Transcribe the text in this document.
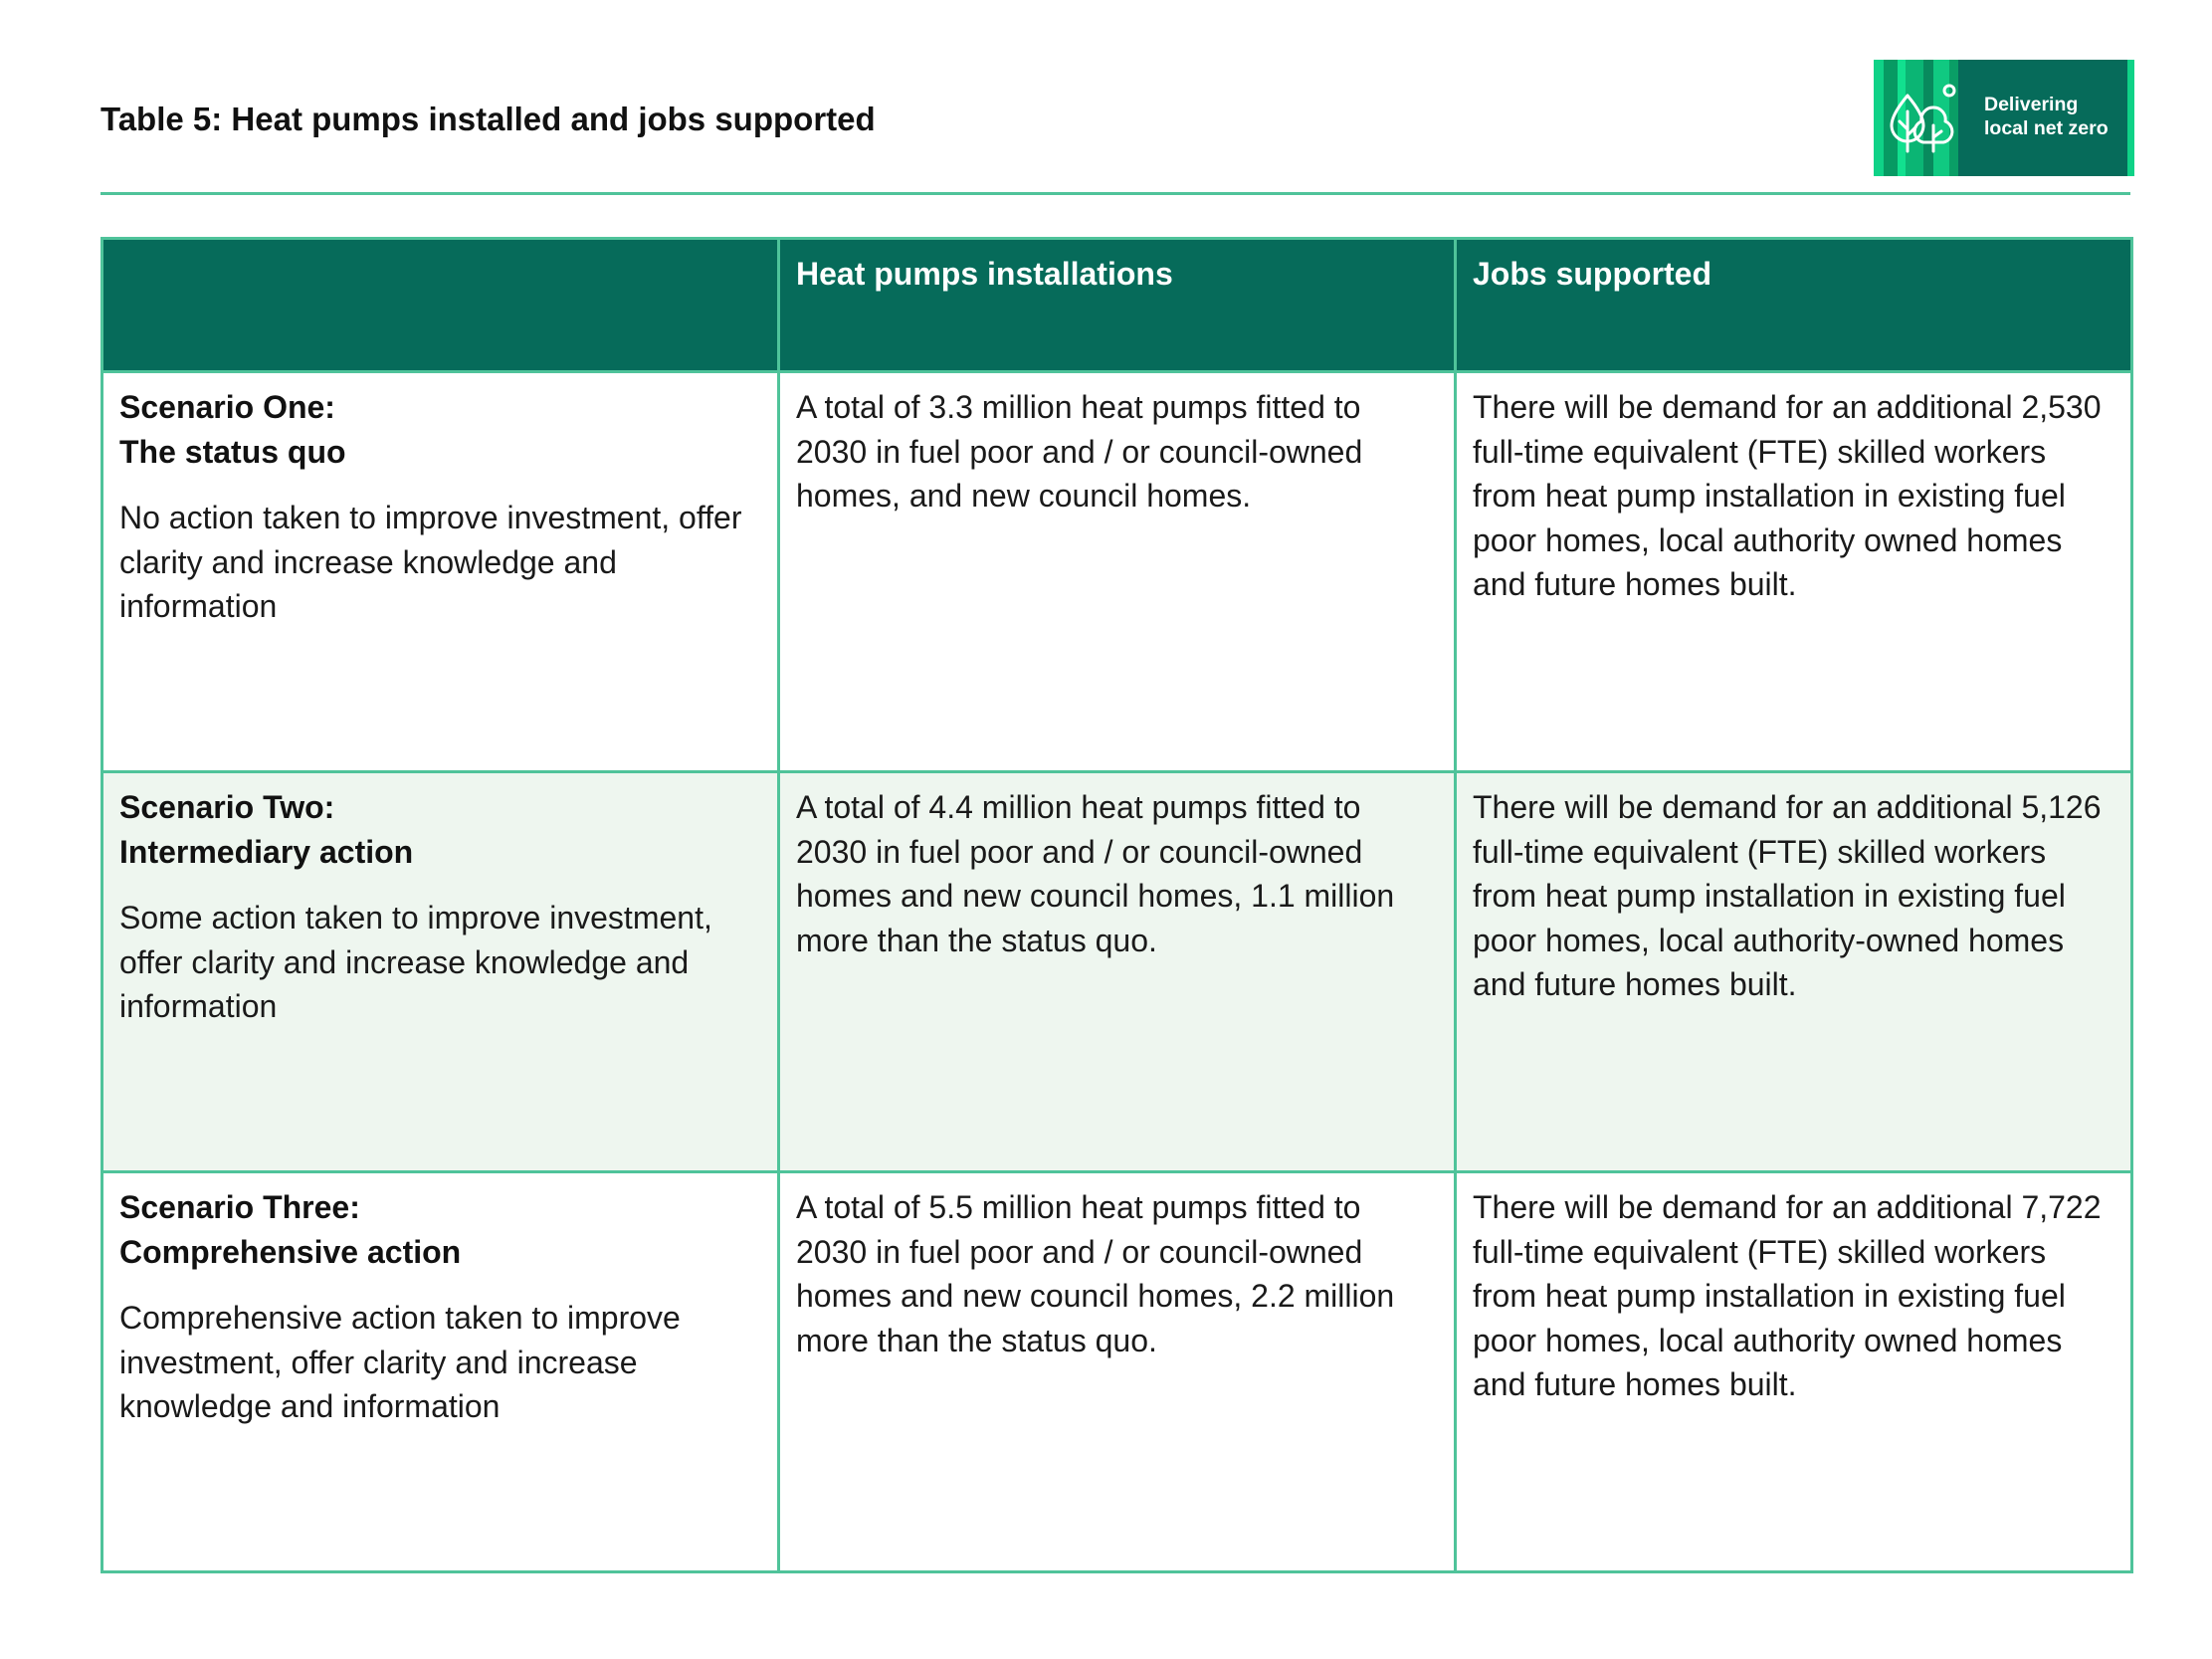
Table 5: Heat pumps installed and jobs supported	Delivering
local net zero
	Heat pumps installations	Jobs supported

Scenario One:
The status quo
No action taken to improve investment, offer clarity and increase knowledge and information	A total of 3.3 million heat pumps fitted to 2030 in fuel poor and / or council-owned homes, and new council homes.	There will be demand for an additional 2,530 full-time equivalent (FTE) skilled workers from heat pump installation in existing fuel poor homes, local authority owned homes and future homes built.

Scenario Two:
Intermediary action
Some action taken to improve investment, offer clarity and increase knowledge and information	A total of 4.4 million heat pumps fitted to 2030 in fuel poor and / or council-owned homes and new council homes, 1.1 million more than the status quo.	There will be demand for an additional 5,126 full-time equivalent (FTE) skilled workers from heat pump installation in existing fuel poor homes, local authority-owned homes and future homes built.

Scenario Three:
Comprehensive action
Comprehensive action taken to improve investment, offer clarity and increase knowledge and information	A total of 5.5 million heat pumps fitted to 2030 in fuel poor and / or council-owned homes and new council homes, 2.2 million more than the status quo.	There will be demand for an additional 7,722 full-time equivalent (FTE) skilled workers from heat pump installation in existing fuel poor homes, local authority owned homes and future homes built.
